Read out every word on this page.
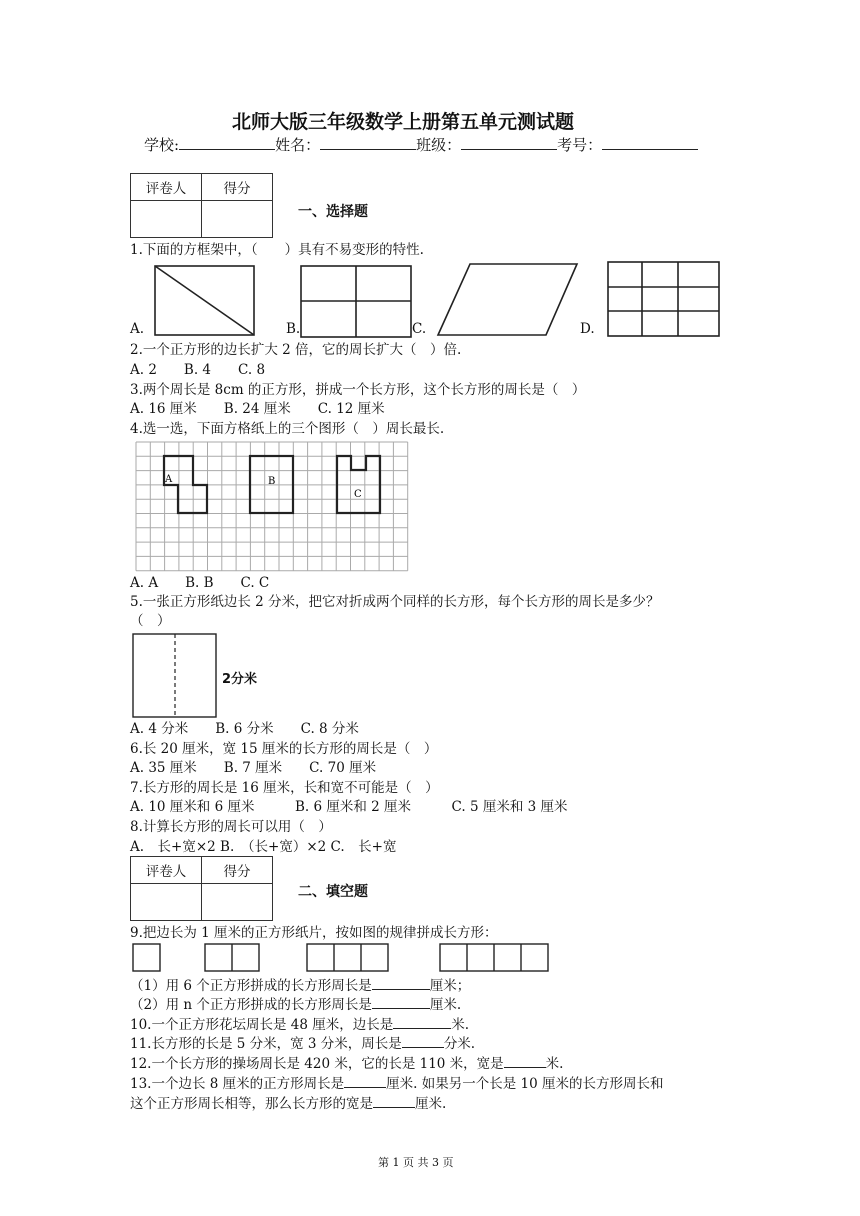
北师大版三年级数学上册第五单元测试题
学校:	姓名：	班级：	考号：
评卷人	得分

一、选择题
1.下面的方框架中，（　　）具有不易变形的特性.
A.	B.	C.	D.
2.一个正方形的边长扩大 2 倍，它的周长扩大（　）倍.
A. 2　　B. 4　　C. 8
3.两个周长是 8cm 的正方形，拼成一个长方形，这个长方形的周长是（　）
A. 16 厘米　　B. 24 厘米　　C. 12 厘米
4.选一选，下面方格纸上的三个图形（　）周长最长.
A	B
C
A. A　　B. B　　C. C
5.一张正方形纸边长 2 分米，把它对折成两个同样的长方形，每个长方形的周长是多少？
（　）
2分米
A. 4 分米　　B. 6 分米　　C. 8 分米
6.长 20 厘米，宽 15 厘米的长方形的周长是（　）
A. 35 厘米　　B. 7 厘米　　C. 70 厘米
7.长方形的周长是 16 厘米，长和宽不可能是（　）
A. 10 厘米和 6 厘米　　　B. 6 厘米和 2 厘米　　　C. 5 厘米和 3 厘米
8.计算长方形的周长可以用（　）
A.　长+宽×2 B.　（长+宽）×2 C.　长+宽
评卷人	得分

二、填空题
9.把边长为 1 厘米的正方形纸片，按如图的规律拼成长方形：
（1）用 6 个正方形拼成的长方形周长是	厘米；
（2）用 n 个正方形拼成的长方形周长是	厘米.
10.一个正方形花坛周长是 48 厘米，边长是	米.
11.长方形的长是 5 分米，宽 3 分米，周长是	分米.
12.一个长方形的操场周长是 420 米，它的长是 110 米，宽是	米.
13.一个边长 8 厘米的正方形周长是	厘米. 如果另一个长是 10 厘米的长方形周长和
这个正方形周长相等，那么长方形的宽是	厘米.
第 1 页 共 3 页
